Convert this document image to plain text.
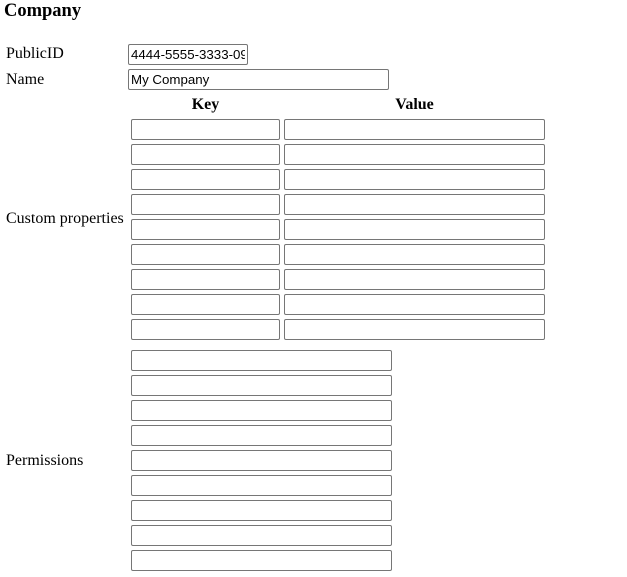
Company
PublicID
4444-5555-3333-09
Name
My Company
Custom properties
Key	Value
Permissions
